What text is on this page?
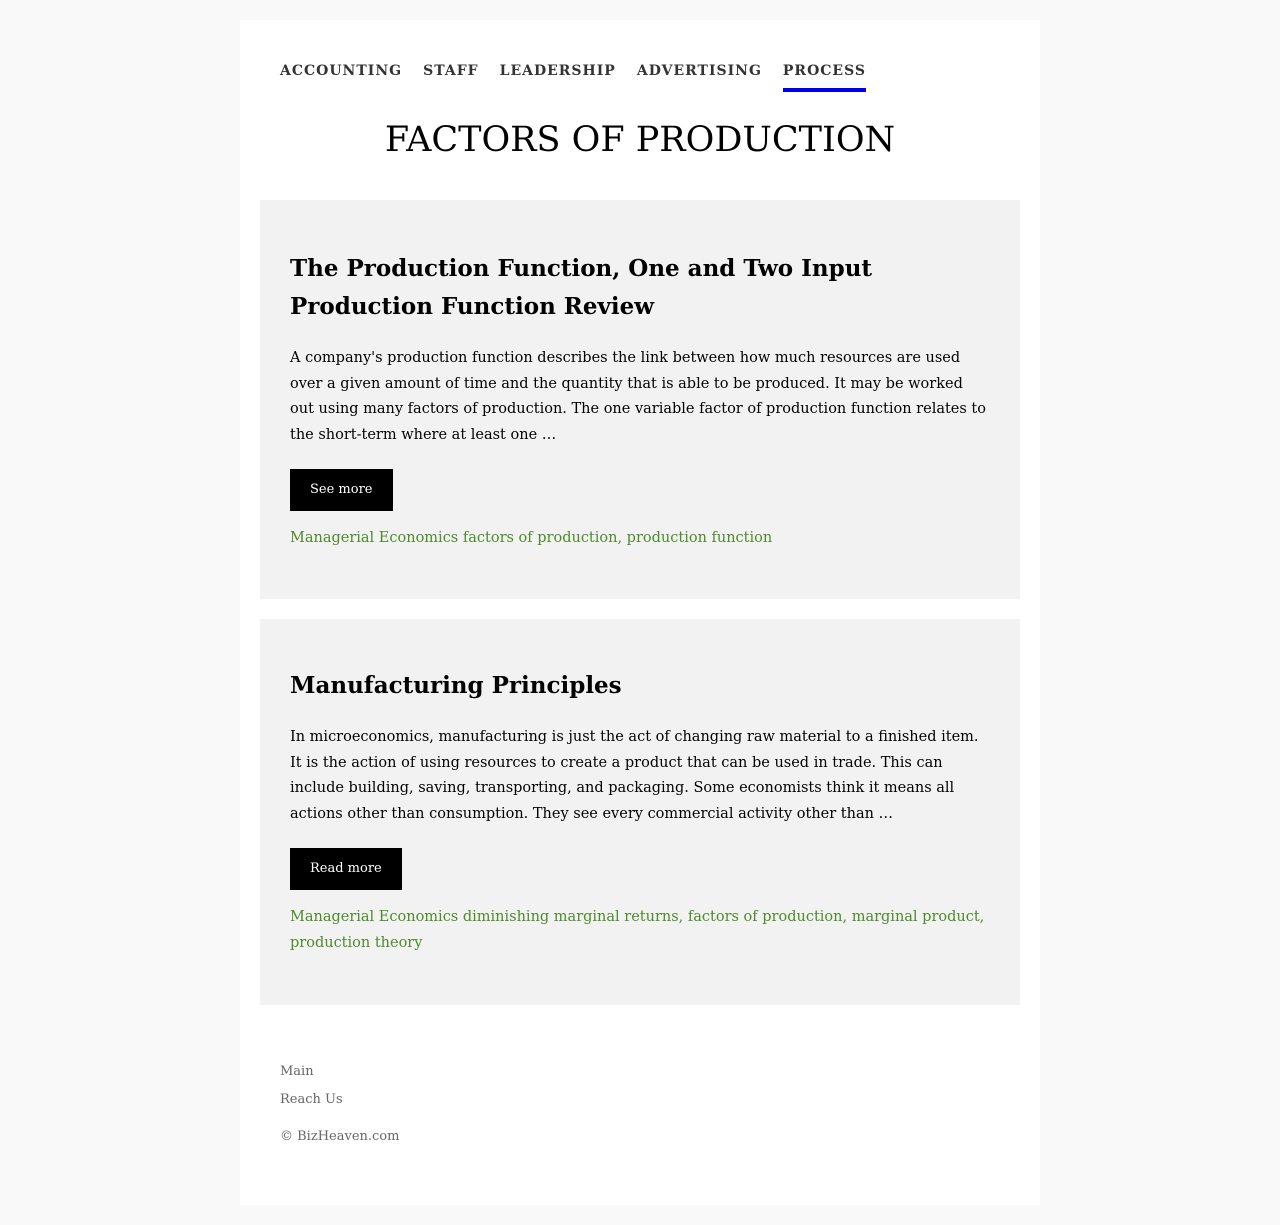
ACCOUNTING STAFF LEADERSHIP ADVERTISING PROCESS
FACTORS OF PRODUCTION
The Production Function, One and Two Input Production Function Review

A company's production function describes the link between how much resources are used over a given amount of time and the quantity that is able to be produced. It may be worked out using many factors of production. The one variable factor of production function relates to the short-term where at least one …

See more
Managerial Economics factors of production, production function
Manufacturing Principles

In microeconomics, manufacturing is just the act of changing raw material to a finished item. It is the action of using resources to create a product that can be used in trade. This can include building, saving, transporting, and packaging. Some economists think it means all actions other than consumption. They see every commercial activity other than …

Read more
Managerial Economics diminishing marginal returns, factors of production, marginal product, production theory
Main
Reach Us
© BizHeaven.com
